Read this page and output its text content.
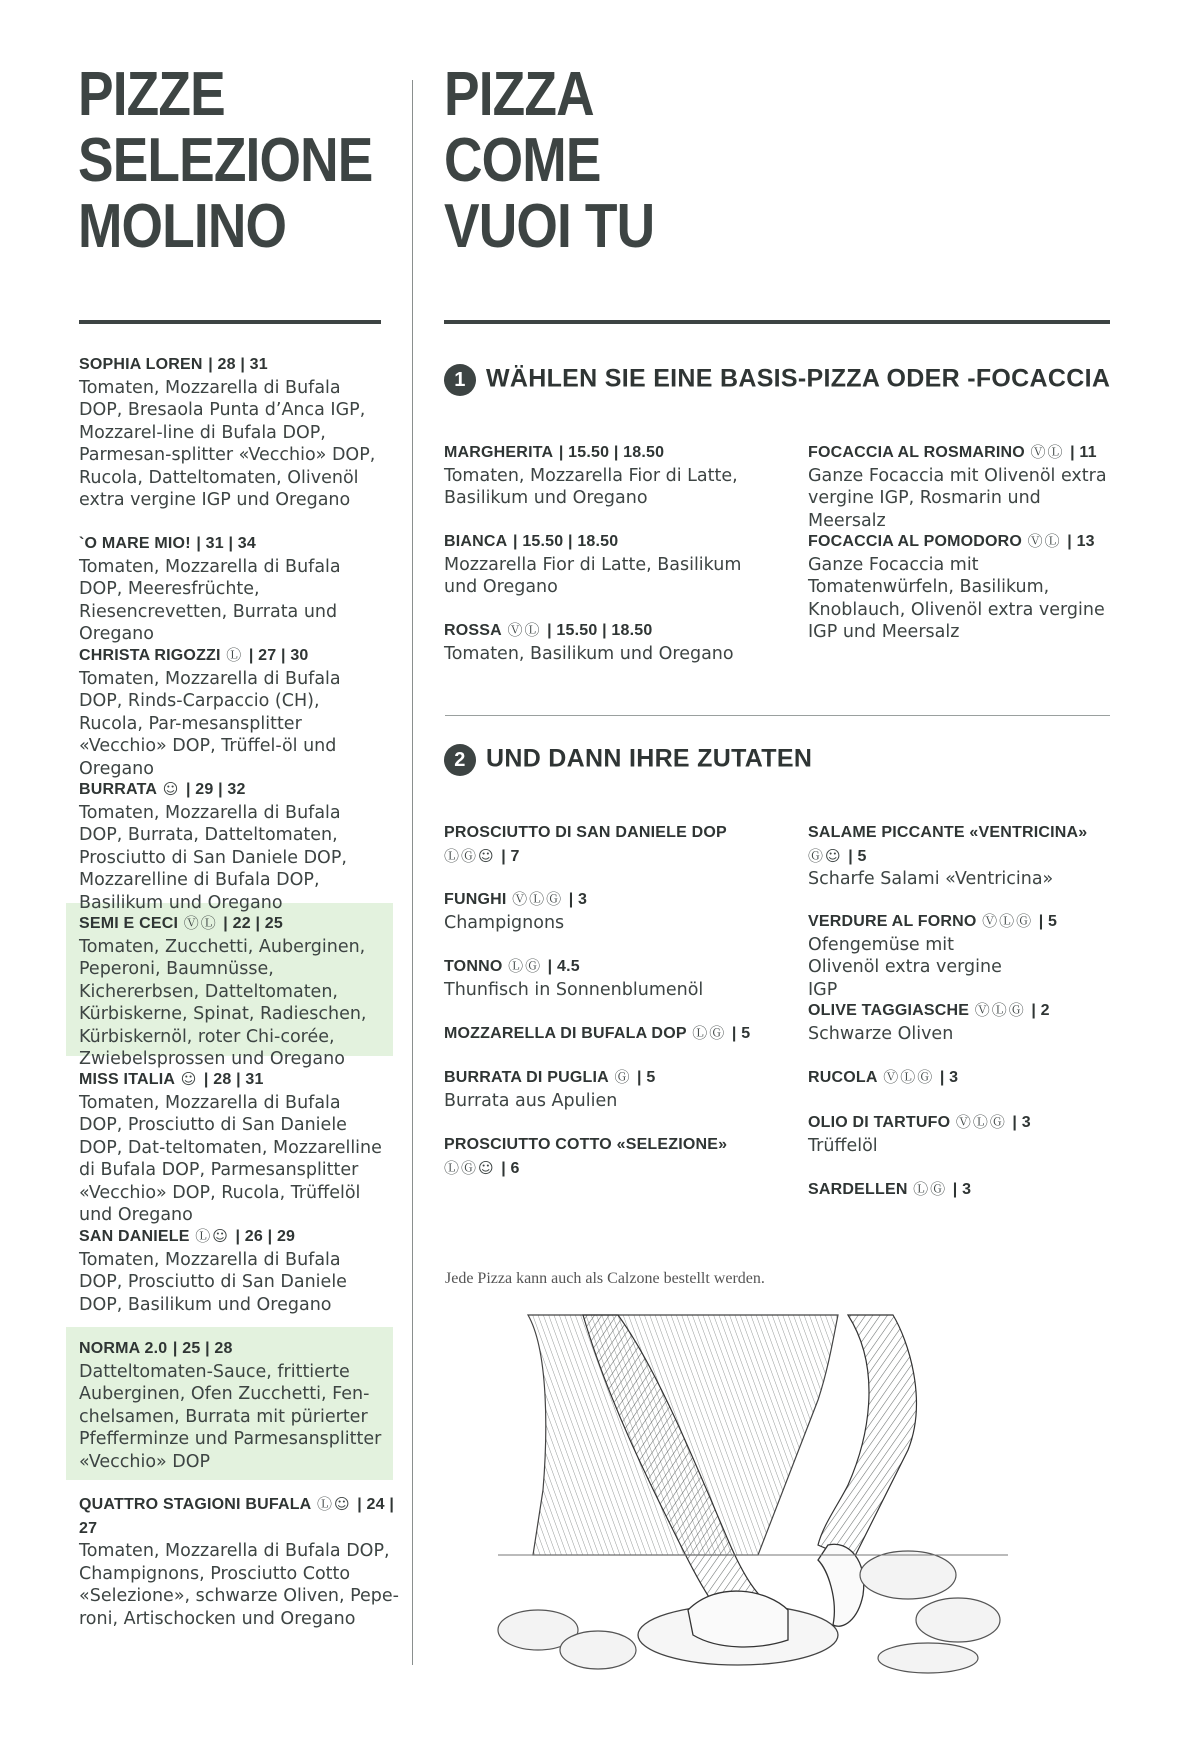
PIZZE
SELEZIONE
MOLINO
PIZZA
COME
VUOI TU
SOPHIA LOREN | 28 | 31
Tomaten, Mozzarella di Bufala DOP, Bresaola Punta d’Anca IGP, Mozzarel-line di Bufala DOP, Parmesan-splitter «Vecchio» DOP, Rucola, Datteltomaten, Olivenöl extra vergine IGP und Oregano
`O MARE MIO! | 31 | 34
Tomaten, Mozzarella di Bufala DOP, Meeresfrüchte, Riesencrevetten, Burrata und Oregano
CHRISTA RIGOZZI Ⓛ | 27 | 30
Tomaten, Mozzarella di Bufala DOP, Rinds-Carpaccio (CH), Rucola, Par-mesansplitter «Vecchio» DOP, Trüffel-öl und Oregano
BURRATA ☺ | 29 | 32
Tomaten, Mozzarella di Bufala DOP, Burrata, Datteltomaten, Prosciutto di San Daniele DOP, Mozzarelline di Bufala DOP, Basilikum und Oregano
SEMI E CECI ⓋⓁ | 22 | 25
Tomaten, Zucchetti, Auberginen, Peperoni, Baumnüsse, Kichererbsen, Datteltomaten, Kürbiskerne, Spinat, Radieschen, Kürbiskernöl, roter Chi-corée, Zwiebelsprossen und Oregano
MISS ITALIA ☺ | 28 | 31
Tomaten, Mozzarella di Bufala DOP, Prosciutto di San Daniele DOP, Dat-teltomaten, Mozzarelline di Bufala DOP, Parmesansplitter «Vecchio» DOP, Rucola, Trüffelöl und Oregano
SAN DANIELE Ⓛ☺ | 26 | 29
Tomaten, Mozzarella di Bufala DOP, Prosciutto di San Daniele DOP, Basilikum und Oregano
NORMA 2.0 | 25 | 28
Datteltomaten-Sauce, frittierte Auberginen, Ofen Zucchetti, Fen-chelsamen, Burrata mit pürierter Pfefferminze und Parmesansplitter «Vecchio» DOP
QUATTRO STAGIONI BUFALA Ⓛ☺ | 24 | 27
Tomaten, Mozzarella di Bufala DOP, Champignons, Prosciutto Cotto «Selezione», schwarze Oliven, Pepe-roni, Artischocken und Oregano
1 WÄHLEN SIE EINE BASIS-PIZZA ODER -FOCACCIA
MARGHERITA | 15.50 | 18.50
Tomaten, Mozzarella Fior di Latte, Basilikum und Oregano
BIANCA | 15.50 | 18.50
Mozzarella Fior di Latte, Basilikum und Oregano
ROSSA ⓋⓁ | 15.50 | 18.50
Tomaten, Basilikum und Oregano
FOCACCIA AL ROSMARINO ⓋⓁ | 11
Ganze Focaccia mit Olivenöl extra vergine IGP, Rosmarin und Meersalz
FOCACCIA AL POMODORO ⓋⓁ | 13
Ganze Focaccia mit Tomatenwürfeln, Basilikum, Knoblauch, Olivenöl extra vergine IGP und Meersalz
2 UND DANN IHRE ZUTATEN
PROSCIUTTO DI SAN DANIELE DOP
ⓁⒼ☺ | 7
FUNGHI ⓋⓁⒼ | 3
Champignons
TONNO ⓁⒼ | 4.5
Thunfisch in Sonnenblumenöl
MOZZARELLA DI BUFALA DOP ⓁⒼ | 5
BURRATA DI PUGLIA Ⓖ | 5
Burrata aus Apulien
PROSCIUTTO COTTO «SELEZIONE»
ⓁⒼ☺ | 6
SALAME PICCANTE «VENTRICINA»
Ⓖ☺ | 5
Scharfe Salami «Ventricina»
VERDURE AL FORNO ⓋⓁⒼ | 5
Ofengemüse mit Olivenöl extra vergine IGP
OLIVE TAGGIASCHE ⓋⓁⒼ | 2
Schwarze Oliven
RUCOLA ⓋⓁⒼ | 3
OLIO DI TARTUFO ⓋⓁⒼ | 3
Trüffelöl
SARDELLEN ⓁⒼ | 3
Jede Pizza kann auch als Calzone bestellt werden.
